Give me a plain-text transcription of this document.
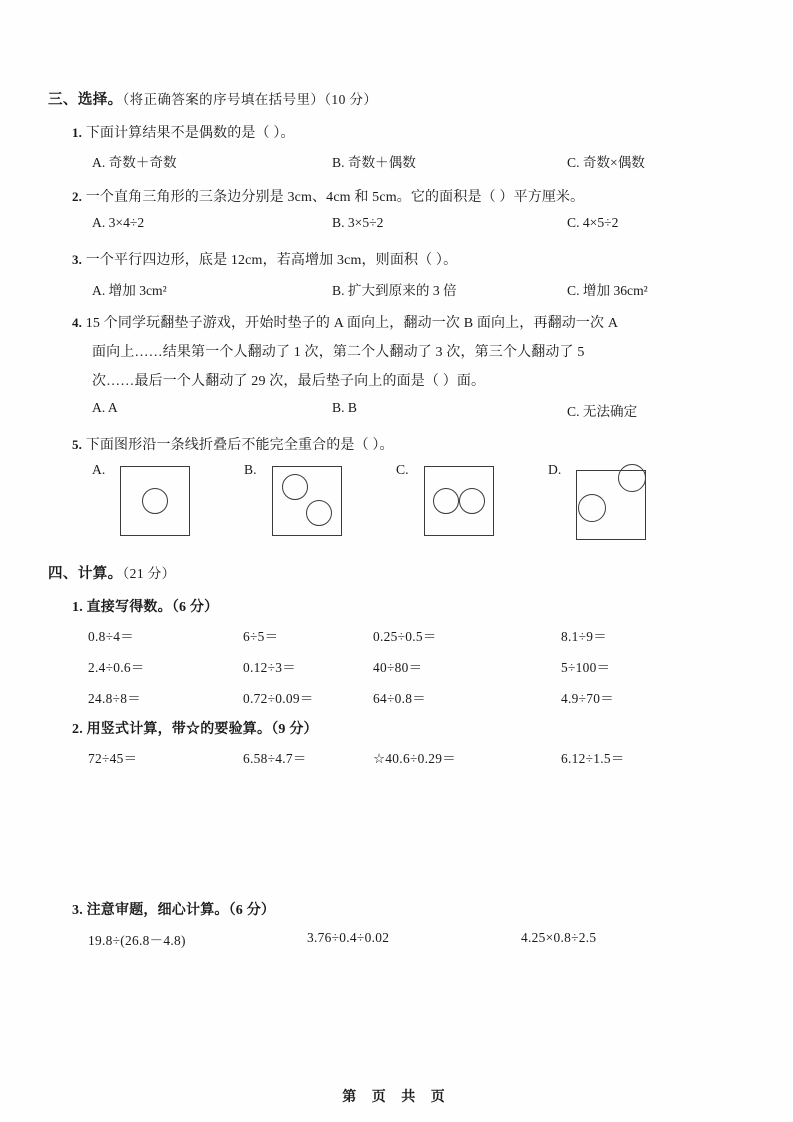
三、选择。（将正确答案的序号填在括号里）（10 分）
1. 下面计算结果不是偶数的是（ ）。
A. 奇数＋奇数	B. 奇数＋偶数	C. 奇数×偶数
2. 一个直角三角形的三条边分别是 3cm、4cm 和 5cm。它的面积是（ ）平方厘米。
A. 3×4÷2	B. 3×5÷2	C. 4×5÷2
3. 一个平行四边形，底是 12cm，若高增加 3cm，则面积（ ）。
A. 增加 3cm²	B. 扩大到原来的 3 倍	C. 增加 36cm²
4. 15 个同学玩翻垫子游戏，开始时垫子的 A 面向上，翻动一次 B 面向上，再翻动一次 A
面向上……结果第一个人翻动了 1 次，第二个人翻动了 3 次，第三个人翻动了 5
次……最后一个人翻动了 29 次，最后垫子向上的面是（ ）面。
A. A	B. B	C. 无法确定
5. 下面图形沿一条线折叠后不能完全重合的是（ ）。
A.	B.	C.	D.
四、计算。（21 分）
1. 直接写得数。（6 分）
0.8÷4＝	6÷5＝	0.25÷0.5＝	8.1÷9＝
2.4÷0.6＝	0.12÷3＝	40÷80＝	5÷100＝
24.8÷8＝	0.72÷0.09＝	64÷0.8＝	4.9÷70＝
2. 用竖式计算，带☆的要验算。（9 分）
72÷45＝	6.58÷4.7＝	☆40.6÷0.29＝	6.12÷1.5＝
3. 注意审题，细心计算。（6 分）
19.8÷(26.8－4.8)	3.76÷0.4÷0.02	4.25×0.8÷2.5
第 页 共 页
